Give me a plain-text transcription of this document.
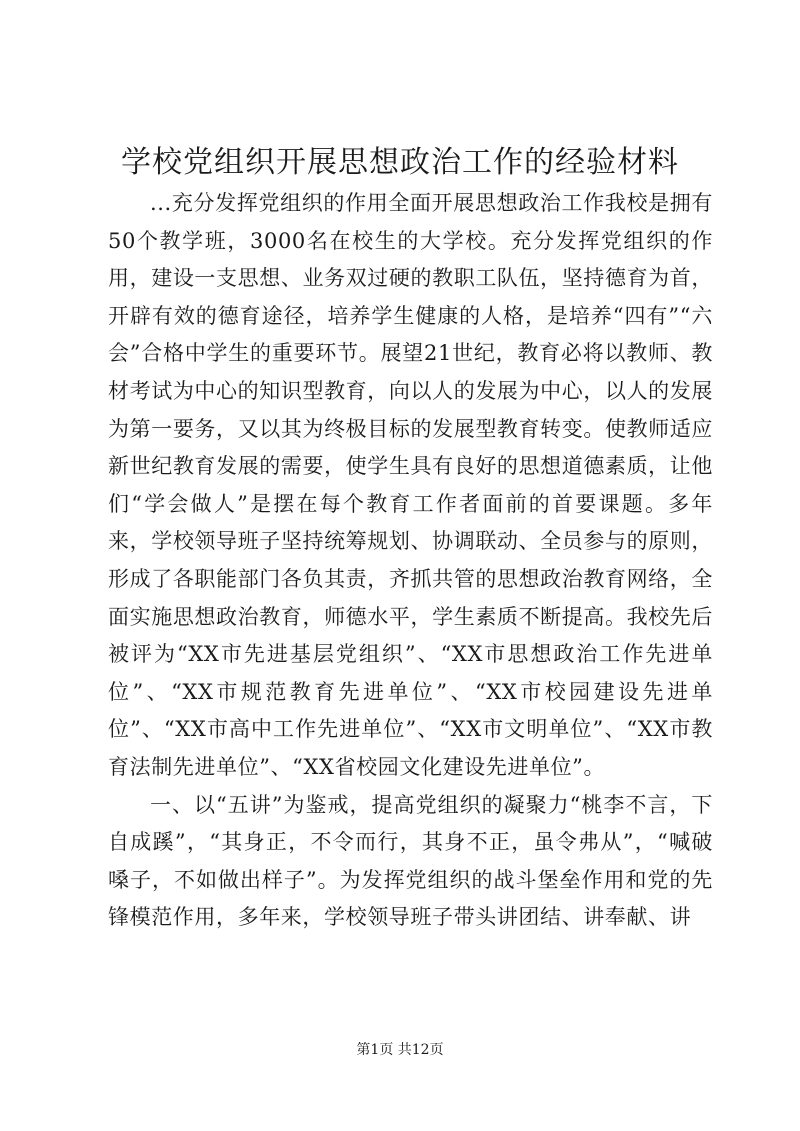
学校党组织开展思想政治工作的经验材料

...充分发挥党组织的作用全面开展思想政治工作我校是拥有50个教学班，3000名在校生的大学校。充分发挥党组织的作用，建设一支思想、业务双过硬的教职工队伍，坚持德育为首，开辟有效的德育途径，培养学生健康的人格，是培养“四有”“六会”合格中学生的重要环节。展望21世纪，教育必将以教师、教材考试为中心的知识型教育，向以人的发展为中心，以人的发展为第一要务，又以其为终极目标的发展型教育转变。使教师适应新世纪教育发展的需要，使学生具有良好的思想道德素质，让他们“学会做人”是摆在每个教育工作者面前的首要课题。多年来，学校领导班子坚持统筹规划、协调联动、全员参与的原则，形成了各职能部门各负其责，齐抓共管的思想政治教育网络，全面实施思想政治教育，师德水平，学生素质不断提高。我校先后被评为“XX市先进基层党组织”、“XX市思想政治工作先进单位”、“XX市规范教育先进单位”、“XX市校园建设先进单位”、“XX市高中工作先进单位”、“XX市文明单位”、“XX市教育法制先进单位”、“XX省校园文化建设先进单位”。

一、以“五讲”为鉴戒，提高党组织的凝聚力“桃李不言，下自成蹊”，“其身正，不令而行，其身不正，虽令弗从”，“喊破嗓子，不如做出样子”。为发挥党组织的战斗堡垒作用和党的先锋模范作用，多年来，学校领导班子带头讲团结、讲奉献、讲

第1页 共12页
